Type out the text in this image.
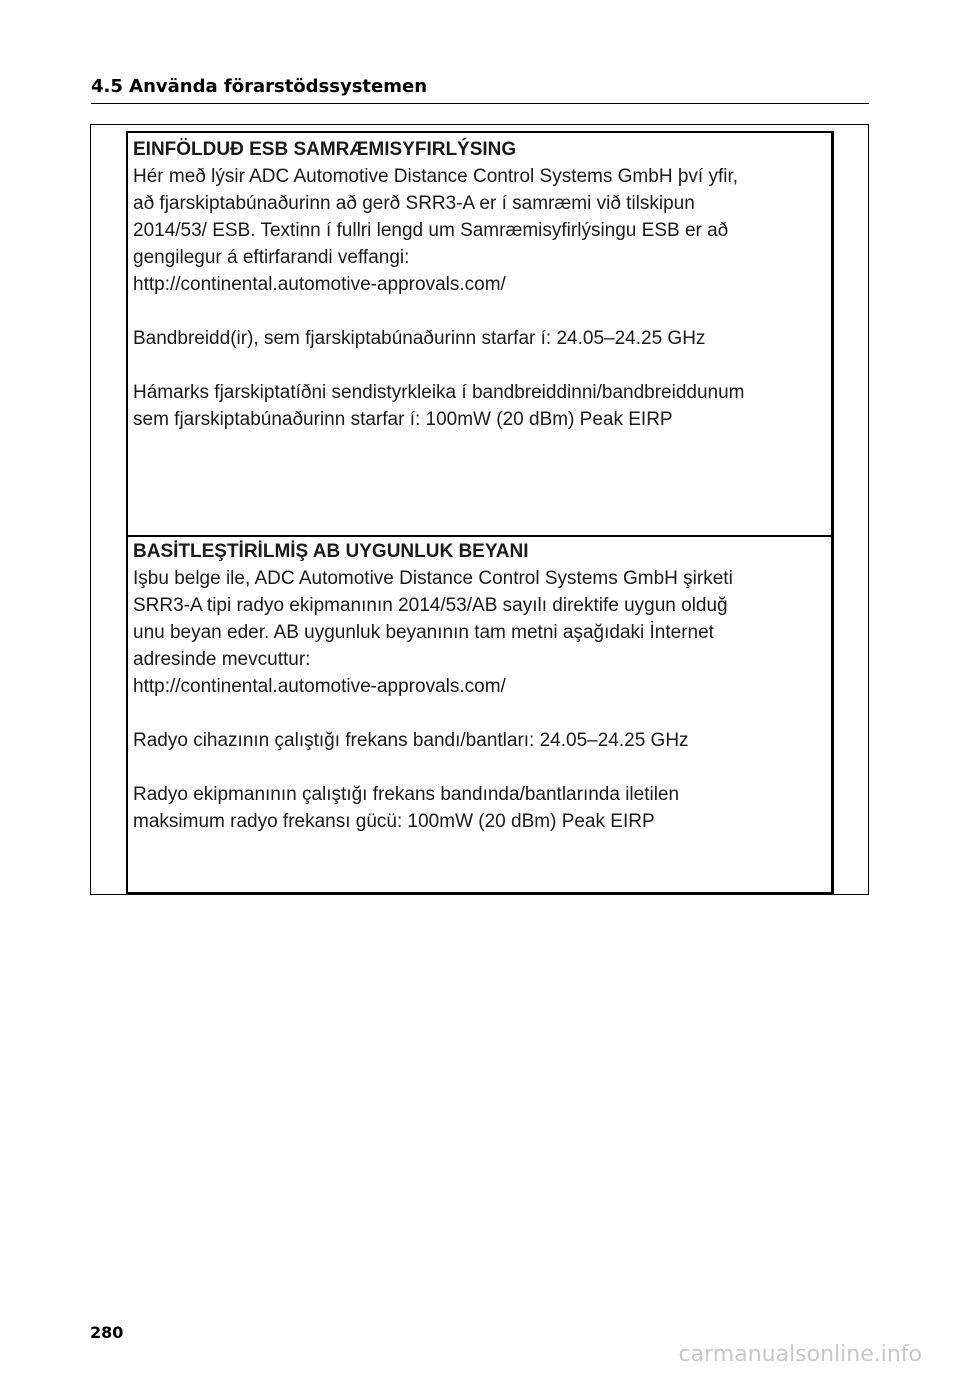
4.5 Använda förarstödssystemen

EINFÖLDUÐ ESB SAMRÆMISYFIRLÝSING

Hér með lýsir ADC Automotive Distance Control Systems GmbH því yfir,

að fjarskiptabúnaðurinn að gerð SRR3-A er í samræmi við tilskipun

2014/53/ ESB. Textinn í fullri lengd um Samræmisyfirlýsingu ESB er að

gengilegur á eftirfarandi veffangi:

http://continental.automotive-approvals.com/

Bandbreidd(ir), sem fjarskiptabúnaðurinn starfar í: 24.05–24.25 GHz

Hámarks fjarskiptatíðni sendistyrkleika í bandbreiddinni/bandbreiddunum

sem fjarskiptabúnaðurinn starfar í: 100mW (20 dBm) Peak EIRP

BASİTLEŞTİRİLMİŞ AB UYGUNLUK BEYANI

Işbu belge ile, ADC Automotive Distance Control Systems GmbH şirketi

SRR3-A tipi radyo ekipmanının 2014/53/AB sayılı direktife uygun olduğ

unu beyan eder. AB uygunluk beyanının tam metni aşağıdaki İnternet

adresinde mevcuttur:

http://continental.automotive-approvals.com/

Radyo cihazının çalıştığı frekans bandı/bantları: 24.05–24.25 GHz

Radyo ekipmanının çalıştığı frekans bandında/bantlarında iletilen

maksimum radyo frekansı gücü: 100mW (20 dBm) Peak EIRP

280
carmanualsonline.info
